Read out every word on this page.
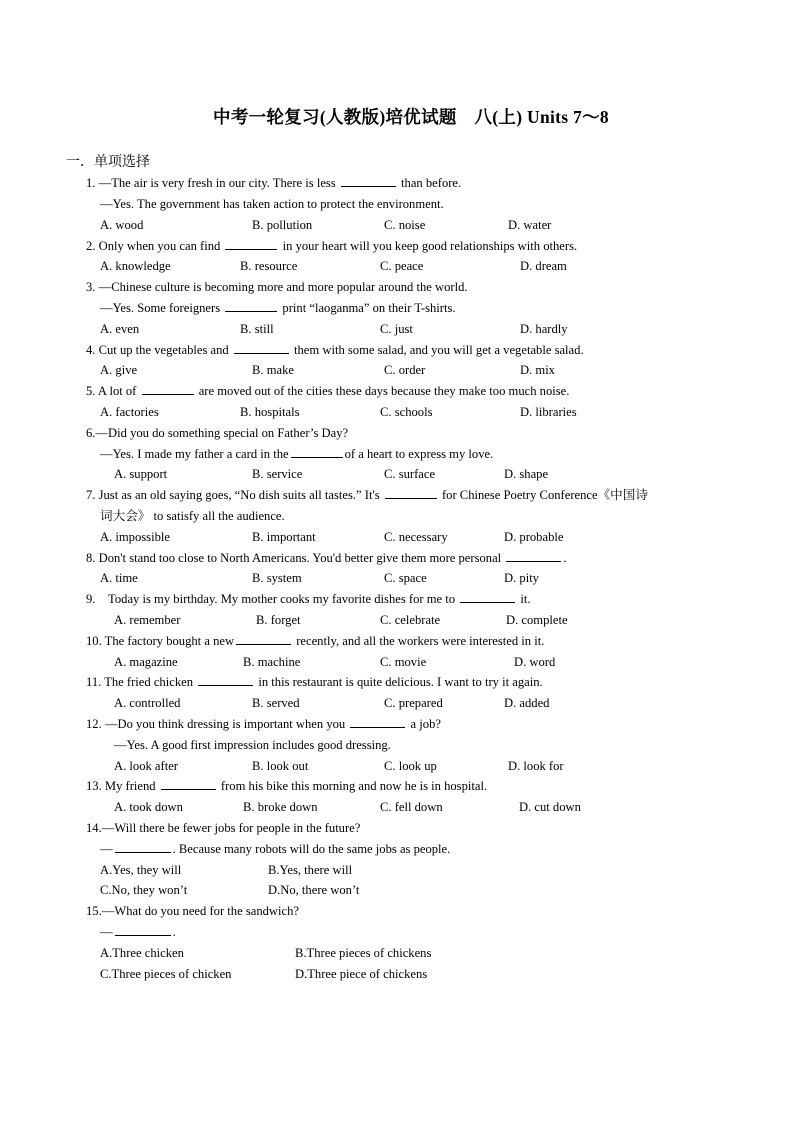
中考一轮复习(人教版)培优试题　八(上) Units 7～8
一．单项选择
1. —The air is very fresh in our city. There is less	than before.
—Yes. The government has taken action to protect the environment.
A. wood	B. pollution	C. noise	D. water
2. Only when you can find	in your heart will you keep good relationships with others.
A. knowledge	B. resource	C. peace	D. dream
3. —Chinese culture is becoming more and more popular around the world.
—Yes. Some foreigners	print “laoganma” on their T-shirts.
A. even	B. still	C. just	D. hardly
4. Cut up the vegetables and	them with some salad, and you will get a vegetable salad.
A. give	B. make	C. order	D. mix
5. A lot of	are moved out of the cities these days because they make too much noise.
A. factories	B. hospitals	C. schools	D. libraries
6.—Did you do something special on Father’s Day?
—Yes. I made my father a card in the	of a heart to express my love.
A. support	B. service	C. surface	D. shape
7. Just as an old saying goes, “No dish suits all tastes.” It's	for Chinese Poetry Conference《中国诗
词大会》 to satisfy all the audience.
A. impossible	B. important	C. necessary	D. probable
8. Don't stand too close to North Americans. You'd better give them more personal	.
A. time	B. system	C. space	D. pity
9.　Today is my birthday. My mother cooks my favorite dishes for me to	it.
A. remember	B. forget	C. celebrate	D. complete
10. The factory bought a new	recently, and all the workers were interested in it.
A. magazine	B. machine	C. movie	D. word
11. The fried chicken	in this restaurant is quite delicious. I want to try it again.
A. controlled	B. served	C. prepared	D. added
12. —Do you think dressing is important when you	a job?
—Yes. A good first impression includes good dressing.
A. look after	B. look out	C. look up	D. look for
13. My friend	from his bike this morning and now he is in hospital.
A. took down	B. broke down	C. fell down	D. cut down
14.—Will there be fewer jobs for people in the future?
—	. Because many robots will do the same jobs as people.
A.Yes, they will	B.Yes, there will
C.No, they won’t	D.No, there won’t
15.—What do you need for the sandwich?
—	.
A.Three chicken	B.Three pieces of chickens
C.Three pieces of chicken	D.Three piece of chickens
